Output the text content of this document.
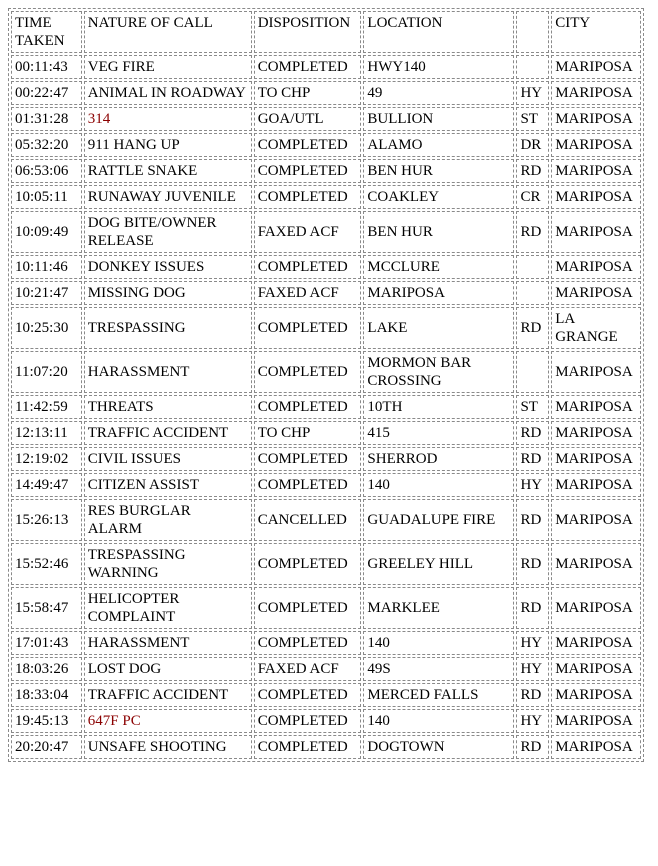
TIME TAKEN	NATURE OF CALL	DISPOSITION	LOCATION		CITY
00:11:43	VEG FIRE	COMPLETED	HWY140		MARIPOSA
00:22:47	ANIMAL IN ROADWAY	TO CHP	49	HY	MARIPOSA
01:31:28	314	GOA/UTL	BULLION	ST	MARIPOSA
05:32:20	911 HANG UP	COMPLETED	ALAMO	DR	MARIPOSA
06:53:06	RATTLE SNAKE	COMPLETED	BEN HUR	RD	MARIPOSA
10:05:11	RUNAWAY JUVENILE	COMPLETED	COAKLEY	CR	MARIPOSA
10:09:49	DOG BITE/OWNER RELEASE	FAXED ACF	BEN HUR	RD	MARIPOSA
10:11:46	DONKEY ISSUES	COMPLETED	MCCLURE		MARIPOSA
10:21:47	MISSING DOG	FAXED ACF	MARIPOSA		MARIPOSA
10:25:30	TRESPASSING	COMPLETED	LAKE	RD	LA GRANGE
11:07:20	HARASSMENT	COMPLETED	MORMON BAR CROSSING		MARIPOSA
11:42:59	THREATS	COMPLETED	10TH	ST	MARIPOSA
12:13:11	TRAFFIC ACCIDENT	TO CHP	415	RD	MARIPOSA
12:19:02	CIVIL ISSUES	COMPLETED	SHERROD	RD	MARIPOSA
14:49:47	CITIZEN ASSIST	COMPLETED	140	HY	MARIPOSA
15:26:13	RES BURGLAR ALARM	CANCELLED	GUADALUPE FIRE	RD	MARIPOSA
15:52:46	TRESPASSING WARNING	COMPLETED	GREELEY HILL	RD	MARIPOSA
15:58:47	HELICOPTER COMPLAINT	COMPLETED	MARKLEE	RD	MARIPOSA
17:01:43	HARASSMENT	COMPLETED	140	HY	MARIPOSA
18:03:26	LOST DOG	FAXED ACF	49S	HY	MARIPOSA
18:33:04	TRAFFIC ACCIDENT	COMPLETED	MERCED FALLS	RD	MARIPOSA
19:45:13	647F PC	COMPLETED	140	HY	MARIPOSA
20:20:47	UNSAFE SHOOTING	COMPLETED	DOGTOWN	RD	MARIPOSA
